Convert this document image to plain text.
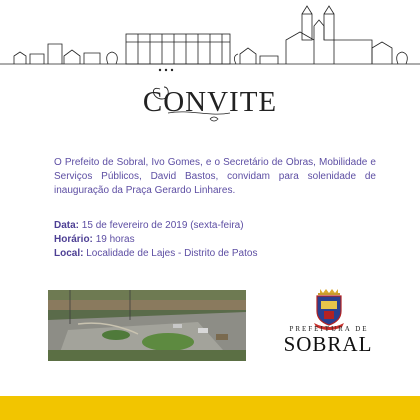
CONVITE
O Prefeito de Sobral, Ivo Gomes, e o Secretário de Obras, Mobilidade e Serviços Públicos, David Bastos, convidam para solenidade de inauguração da Praça Gerardo Linhares.
Data: 15 de fevereiro de 2019 (sexta-feira)
Horário: 19 horas
Local: Localidade de Lajes - Distrito de Patos
PREFEITURA DE
SOBRAL
